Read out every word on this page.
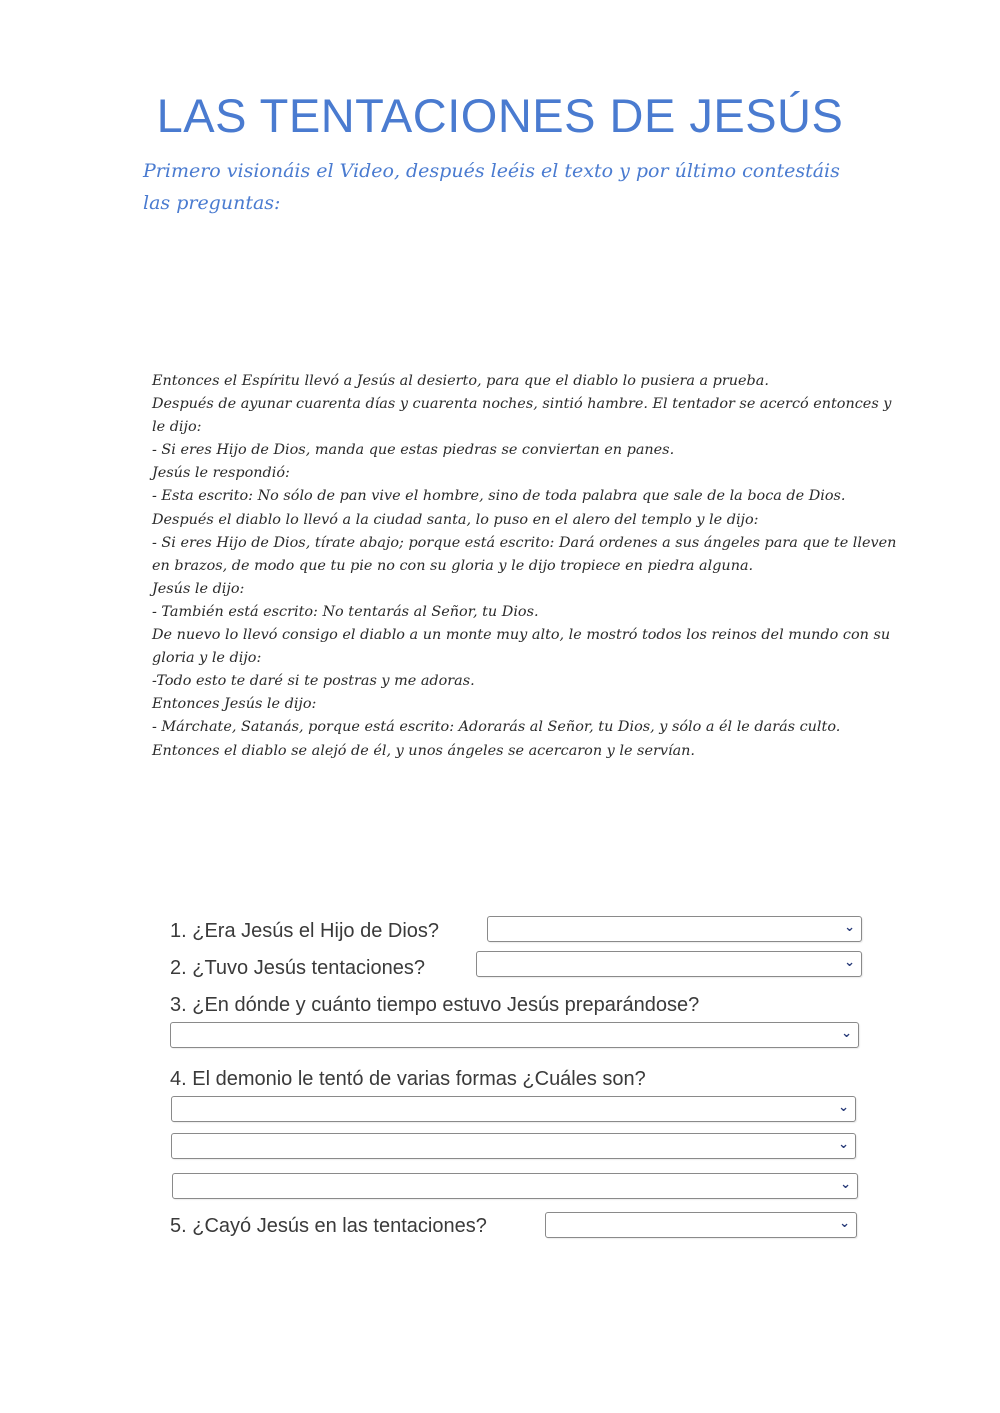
LAS TENTACIONES DE JESÚS

Primero visionáis el Video, después leéis el texto y por último contestáis las preguntas:

Entonces el Espíritu llevó a Jesús al desierto, para que el diablo lo pusiera a prueba.

Después de ayunar cuarenta días y cuarenta noches, sintió hambre. El tentador se acercó entonces y le dijo:

- Si eres Hijo de Dios, manda que estas piedras se conviertan en panes.

Jesús le respondió:

- Esta escrito: No sólo de pan vive el hombre, sino de toda palabra que sale de la boca de Dios.

Después el diablo lo llevó a la ciudad santa, lo puso en el alero del templo y le dijo:

- Si eres Hijo de Dios, tírate abajo; porque está escrito: Dará ordenes a sus ángeles para que te lleven en brazos, de modo que tu pie no con su gloria y le dijo tropiece en piedra alguna.

Jesús le dijo:

- También está escrito: No tentarás al Señor, tu Dios.

De nuevo lo llevó consigo el diablo a un monte muy alto, le mostró todos los reinos del mundo con su gloria y le dijo:

-Todo esto te daré si te postras y me adoras.

Entonces Jesús le dijo:

- Márchate, Satanás, porque está escrito: Adorarás al Señor, tu Dios, y sólo a él le darás culto.

Entonces el diablo se alejó de él, y unos ángeles se acercaron y le servían.

1. ¿Era Jesús el Hijo de Dios?	⌄
2. ¿Tuvo Jesús tentaciones?	⌄
3. ¿En dónde y cuánto tiempo estuvo Jesús preparándose?
⌄
4. El demonio le tentó de varias formas ¿Cuáles son?
⌄
⌄
⌄
5. ¿Cayó Jesús en las tentaciones?	⌄
